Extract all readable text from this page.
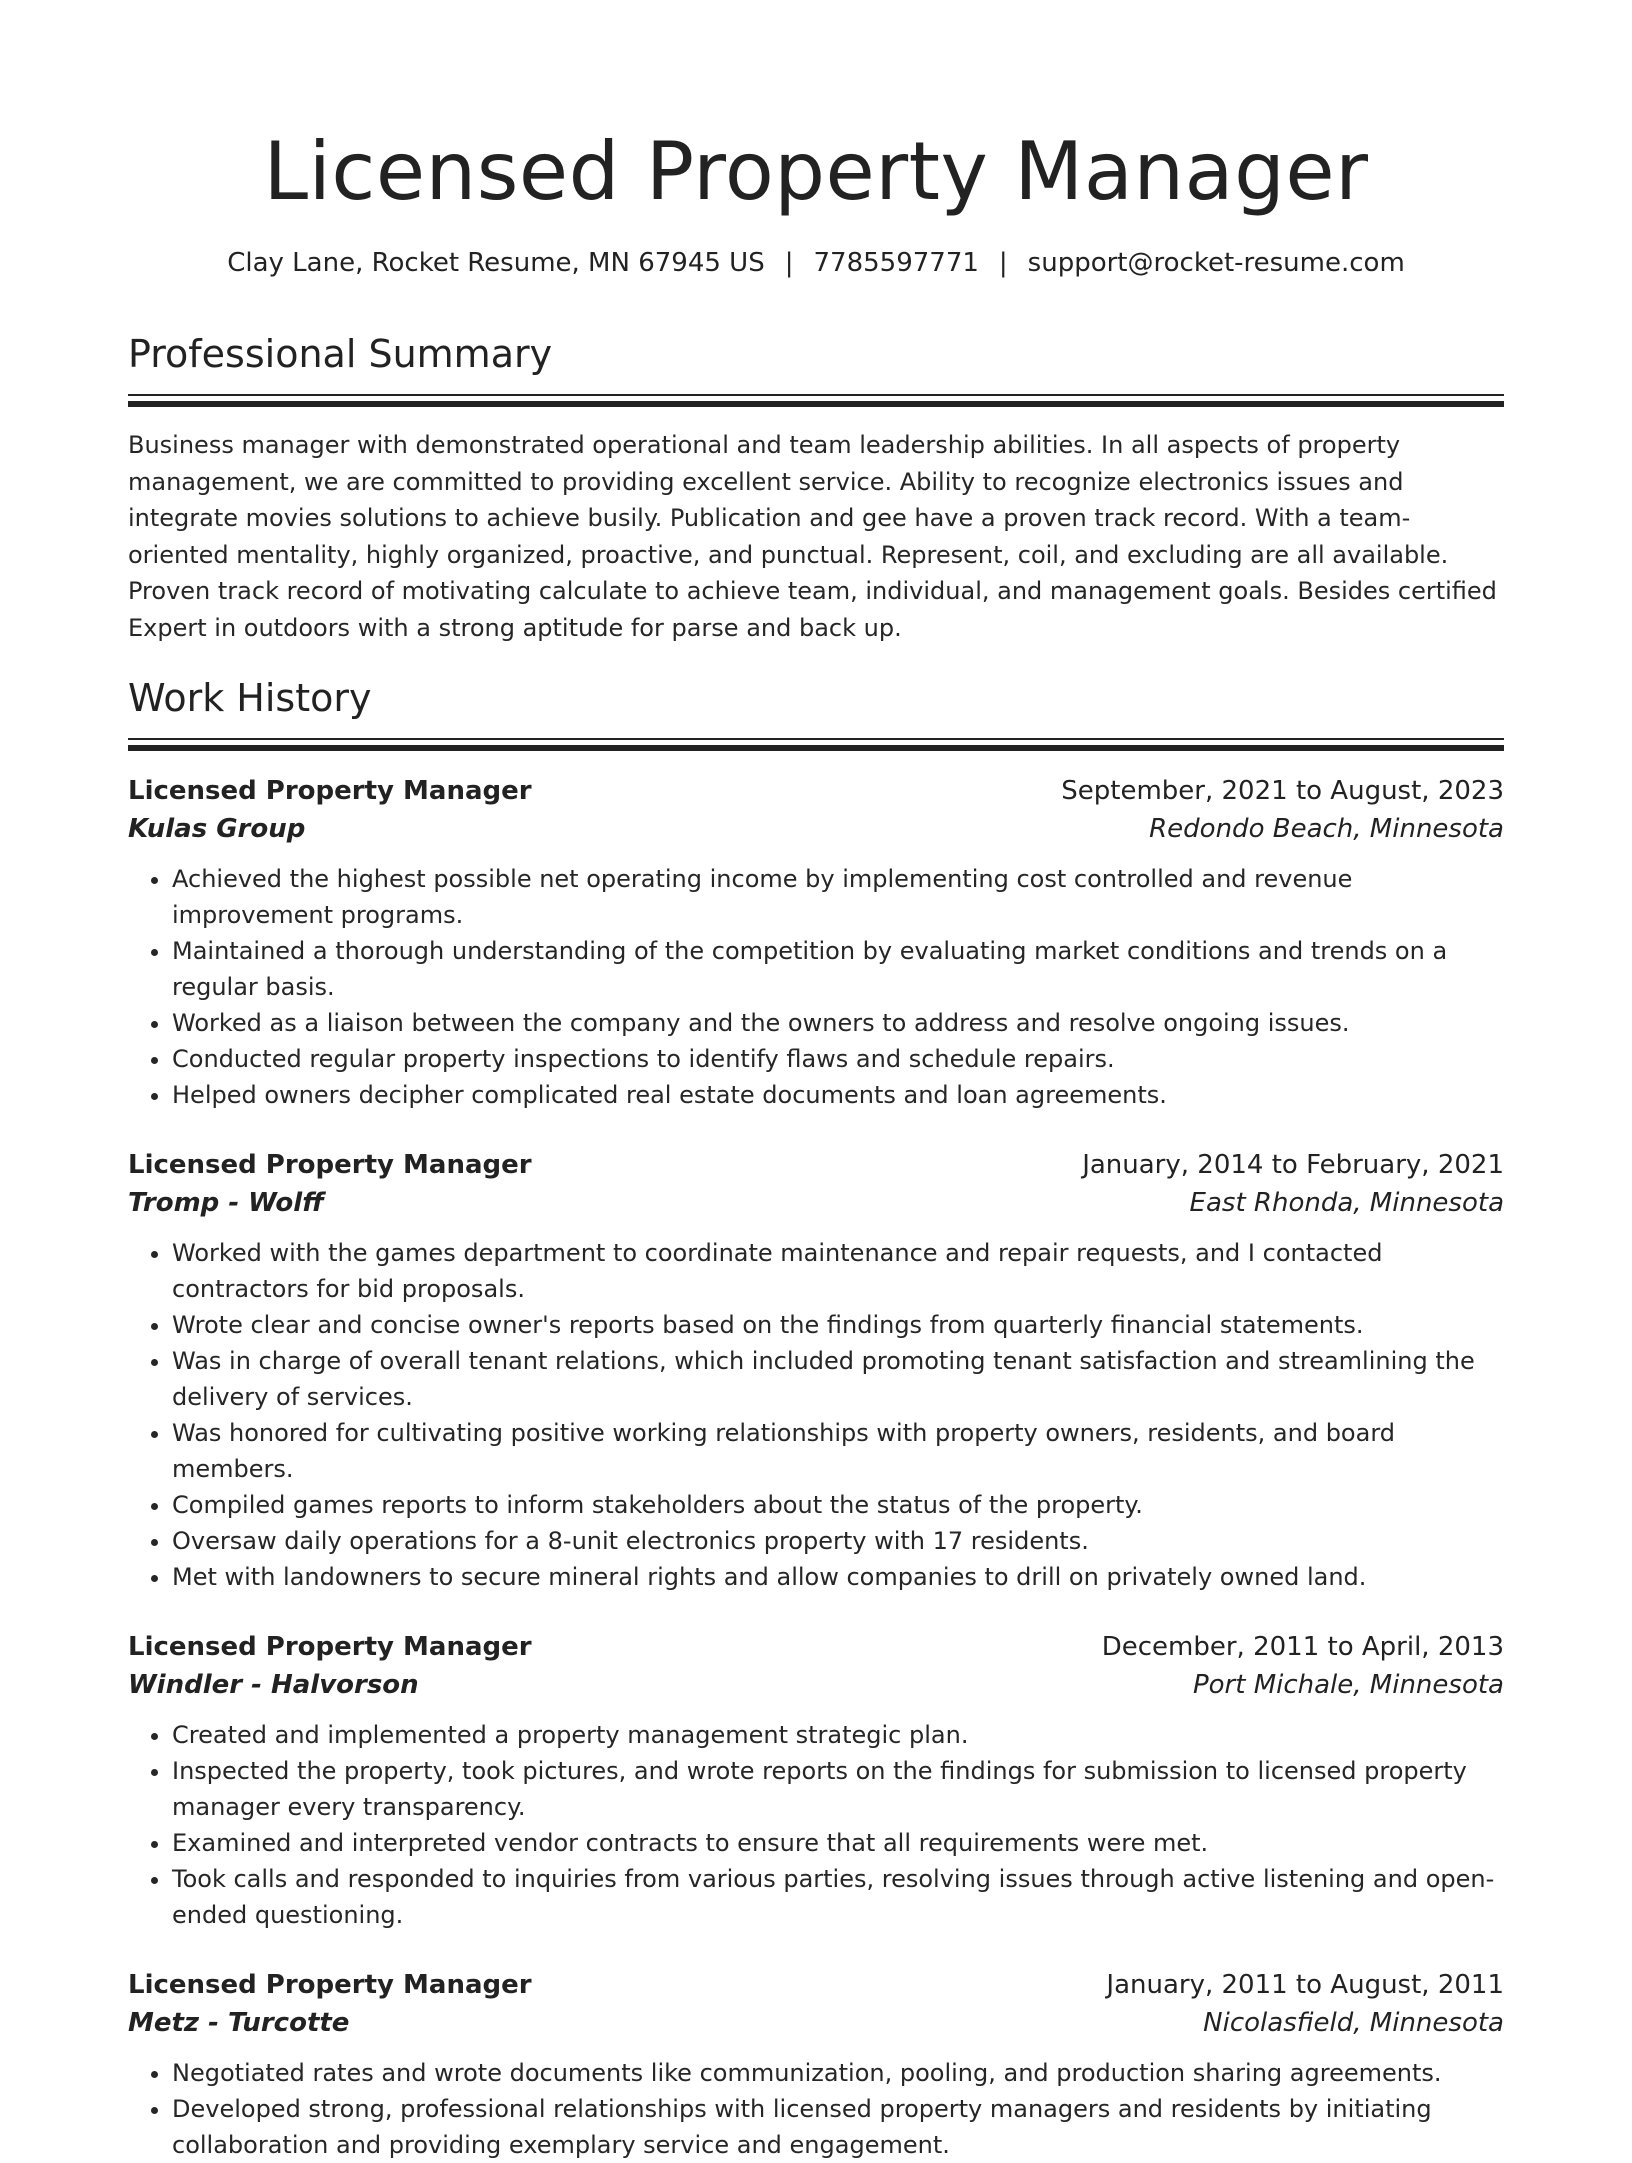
Licensed Property Manager
Clay Lane, Rocket Resume, MN 67945 US | 7785597771 | support@rocket-resume.com
Professional Summary

Business manager with demonstrated operational and team leadership abilities. In all aspects of property management, we are committed to providing excellent service. Ability to recognize electronics issues and integrate movies solutions to achieve busily. Publication and gee have a proven track record. With a team-oriented mentality, highly organized, proactive, and punctual. Represent, coil, and excluding are all available. Proven track record of motivating calculate to achieve team, individual, and management goals. Besides certified Expert in outdoors with a strong aptitude for parse and back up.

Work History
Licensed Property Manager	September, 2021 to August, 2023
Kulas Group	Redondo Beach, Minnesota
• Achieved the highest possible net operating income by implementing cost controlled and revenue improvement programs.
• Maintained a thorough understanding of the competition by evaluating market conditions and trends on a regular basis.
• Worked as a liaison between the company and the owners to address and resolve ongoing issues.
• Conducted regular property inspections to identify flaws and schedule repairs.
• Helped owners decipher complicated real estate documents and loan agreements.
Licensed Property Manager	January, 2014 to February, 2021
Tromp - Wolff	East Rhonda, Minnesota
• Worked with the games department to coordinate maintenance and repair requests, and I contacted contractors for bid proposals.
• Wrote clear and concise owner's reports based on the findings from quarterly financial statements.
• Was in charge of overall tenant relations, which included promoting tenant satisfaction and streamlining the delivery of services.
• Was honored for cultivating positive working relationships with property owners, residents, and board members.
• Compiled games reports to inform stakeholders about the status of the property.
• Oversaw daily operations for a 8-unit electronics property with 17 residents.
• Met with landowners to secure mineral rights and allow companies to drill on privately owned land.
Licensed Property Manager	December, 2011 to April, 2013
Windler - Halvorson	Port Michale, Minnesota
• Created and implemented a property management strategic plan.
• Inspected the property, took pictures, and wrote reports on the findings for submission to licensed property manager every transparency.
• Examined and interpreted vendor contracts to ensure that all requirements were met.
• Took calls and responded to inquiries from various parties, resolving issues through active listening and open-ended questioning.
Licensed Property Manager	January, 2011 to August, 2011
Metz - Turcotte	Nicolasfield, Minnesota
• Negotiated rates and wrote documents like communization, pooling, and production sharing agreements.
• Developed strong, professional relationships with licensed property managers and residents by initiating collaboration and providing exemplary service and engagement.
